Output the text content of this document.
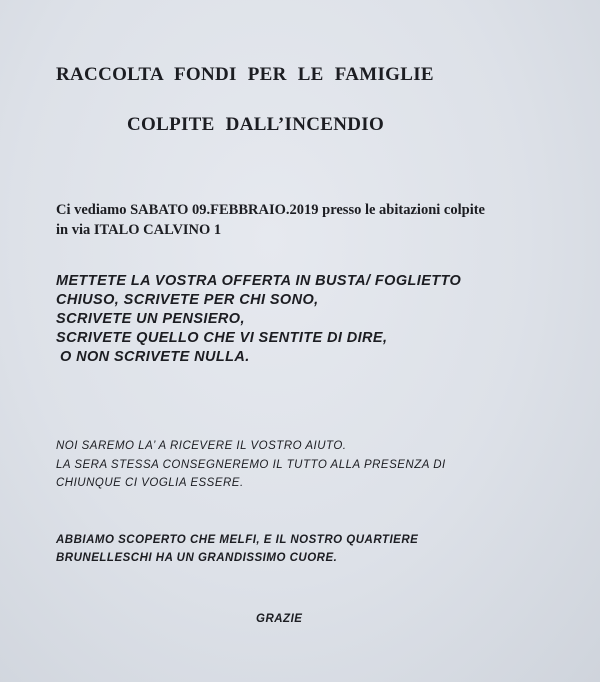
RACCOLTA FONDI PER LE FAMIGLIE

COLPITE DALL’INCENDIO

Ci vediamo SABATO 09.FEBBRAIO.2019 presso le abitazioni colpite

in via ITALO CALVINO 1

METTETE LA VOSTRA OFFERTA IN BUSTA/ FOGLIETTO

CHIUSO, SCRIVETE PER CHI SONO,

SCRIVETE UN PENSIERO,

SCRIVETE QUELLO CHE VI SENTITE DI DIRE,

O NON SCRIVETE NULLA.

NOI SAREMO LA’ A RICEVERE IL VOSTRO AIUTO.

LA SERA STESSA CONSEGNEREMO IL TUTTO ALLA PRESENZA DI

CHIUNQUE CI VOGLIA ESSERE.

ABBIAMO SCOPERTO CHE MELFI, E IL NOSTRO QUARTIERE

BRUNELLESCHI HA UN GRANDISSIMO CUORE.

GRAZIE
